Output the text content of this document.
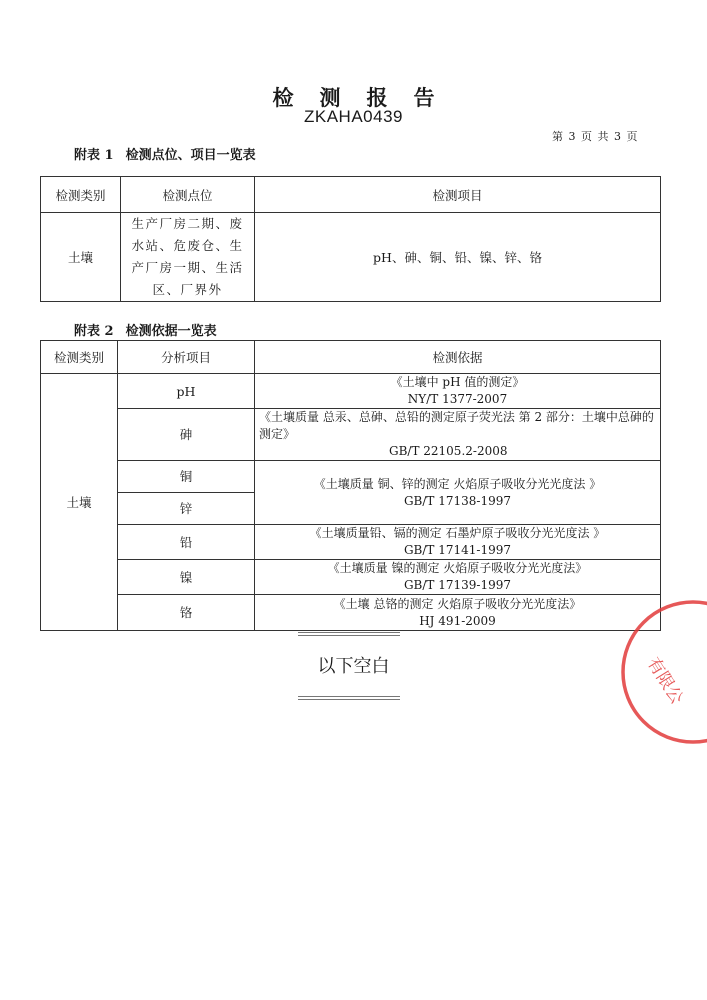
检测报告
ZKAHA0439
第 3 页 共 3 页
附表 1 检测点位、项目一览表
检测类别	检测点位	检测项目
土壤	生产厂房二期、废水站、危废仓、生产厂房一期、生活区、厂界外	pH、砷、铜、铅、镍、锌、铬
附表 2 检测依据一览表
检测类别	分析项目	检测依据
土壤	pH	《土壤中 pH 值的测定》
NY/T 1377-2007

	砷	《土壤质量 总汞、总砷、总铅的测定原子荧光法 第 2 部分：土壤中总砷的测定》
GB/T 22105.2-2008

	铜	《土壤质量 铜、锌的测定 火焰原子吸收分光光度法 》
GB/T 17138-1997

	锌	
	铅	《土壤质量铅、镉的测定 石墨炉原子吸收分光光度法 》
GB/T 17141-1997

	镍	《土壤质量 镍的测定 火焰原子吸收分光光度法》
GB/T 17139-1997

	铬	《土壤 总铬的测定 火焰原子吸收分光光度法》
HJ 491-2009
以下空白	有限公
